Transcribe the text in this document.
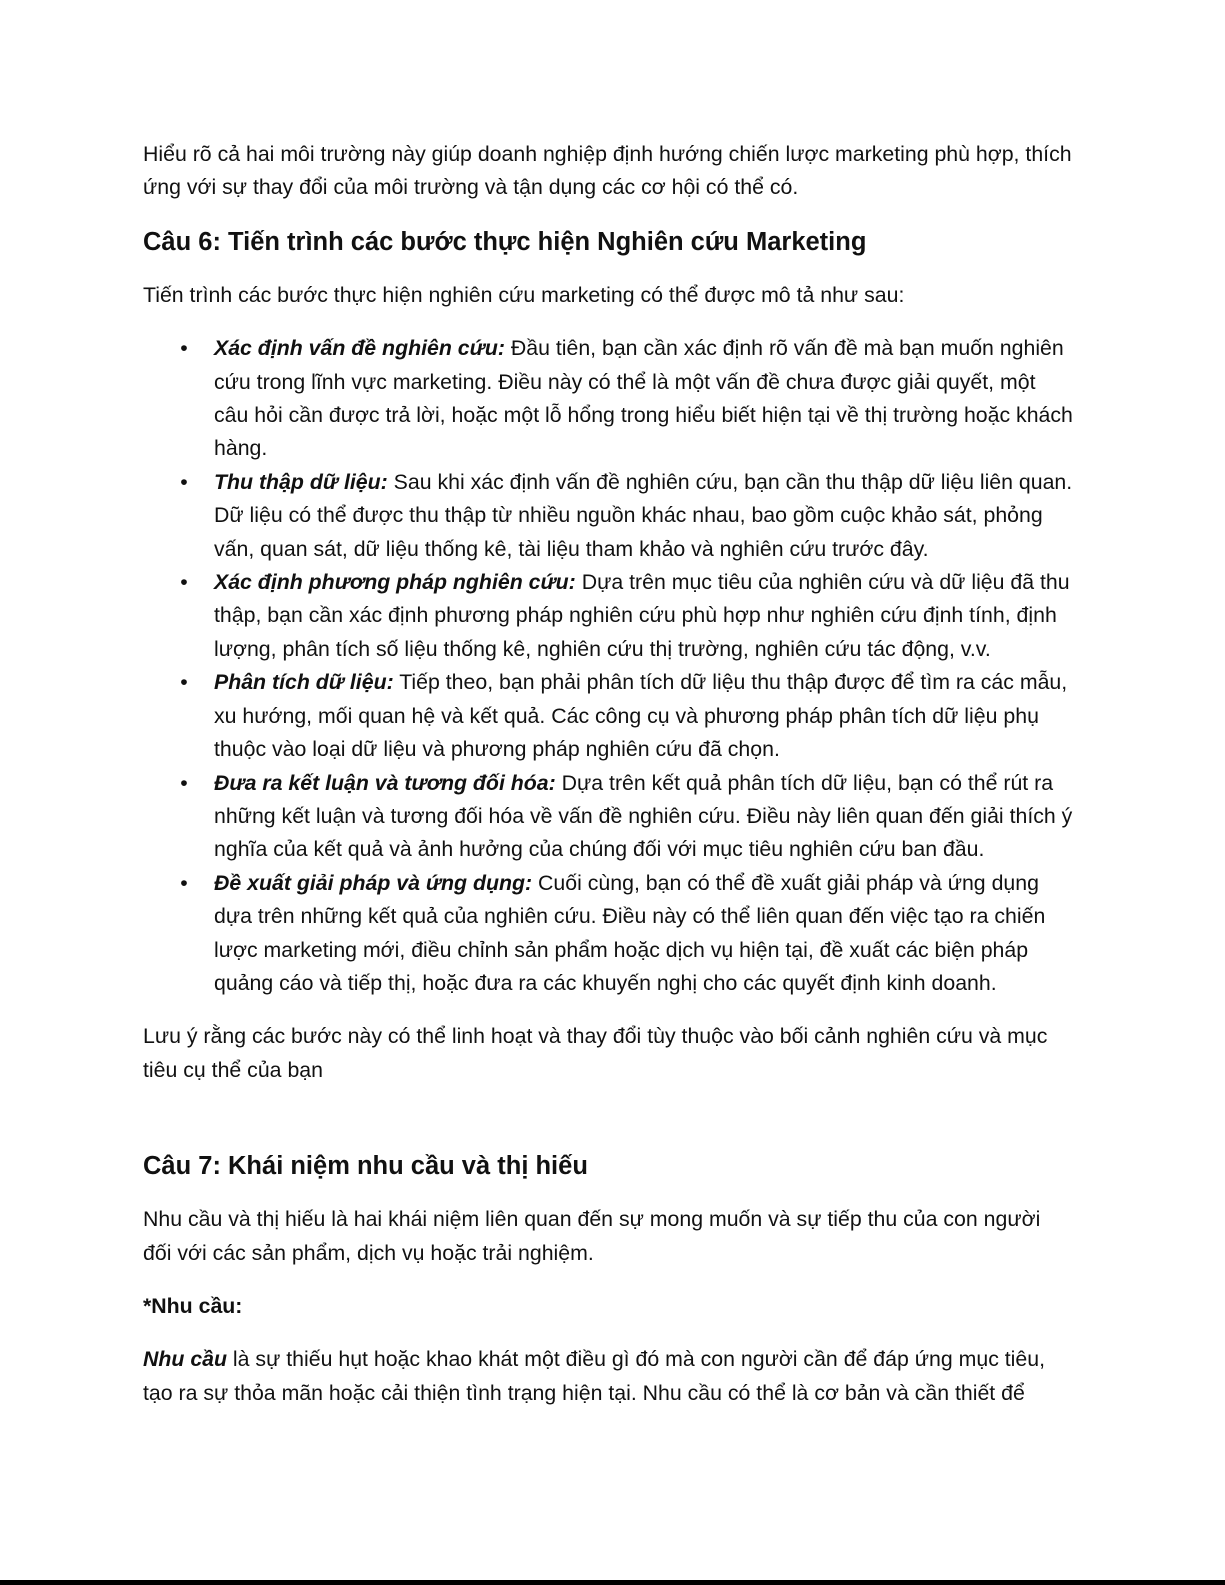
Hiểu rõ cả hai môi trường này giúp doanh nghiệp định hướng chiến lược marketing phù hợp, thích ứng với sự thay đổi của môi trường và tận dụng các cơ hội có thể có.

Câu 6: Tiến trình các bước thực hiện Nghiên cứu Marketing

Tiến trình các bước thực hiện nghiên cứu marketing có thể được mô tả như sau:

• Xác định vấn đề nghiên cứu: Đầu tiên, bạn cần xác định rõ vấn đề mà bạn muốn nghiên cứu trong lĩnh vực marketing. Điều này có thể là một vấn đề chưa được giải quyết, một câu hỏi cần được trả lời, hoặc một lỗ hổng trong hiểu biết hiện tại về thị trường hoặc khách hàng.
• Thu thập dữ liệu: Sau khi xác định vấn đề nghiên cứu, bạn cần thu thập dữ liệu liên quan. Dữ liệu có thể được thu thập từ nhiều nguồn khác nhau, bao gồm cuộc khảo sát, phỏng vấn, quan sát, dữ liệu thống kê, tài liệu tham khảo và nghiên cứu trước đây.
• Xác định phương pháp nghiên cứu: Dựa trên mục tiêu của nghiên cứu và dữ liệu đã thu thập, bạn cần xác định phương pháp nghiên cứu phù hợp như nghiên cứu định tính, định lượng, phân tích số liệu thống kê, nghiên cứu thị trường, nghiên cứu tác động, v.v.
• Phân tích dữ liệu: Tiếp theo, bạn phải phân tích dữ liệu thu thập được để tìm ra các mẫu, xu hướng, mối quan hệ và kết quả. Các công cụ và phương pháp phân tích dữ liệu phụ thuộc vào loại dữ liệu và phương pháp nghiên cứu đã chọn.
• Đưa ra kết luận và tương đối hóa: Dựa trên kết quả phân tích dữ liệu, bạn có thể rút ra những kết luận và tương đối hóa về vấn đề nghiên cứu. Điều này liên quan đến giải thích ý nghĩa của kết quả và ảnh hưởng của chúng đối với mục tiêu nghiên cứu ban đầu.
• Đề xuất giải pháp và ứng dụng: Cuối cùng, bạn có thể đề xuất giải pháp và ứng dụng dựa trên những kết quả của nghiên cứu. Điều này có thể liên quan đến việc tạo ra chiến lược marketing mới, điều chỉnh sản phẩm hoặc dịch vụ hiện tại, đề xuất các biện pháp quảng cáo và tiếp thị, hoặc đưa ra các khuyến nghị cho các quyết định kinh doanh.

Lưu ý rằng các bước này có thể linh hoạt và thay đổi tùy thuộc vào bối cảnh nghiên cứu và mục tiêu cụ thể của bạn

Câu 7: Khái niệm nhu cầu và thị hiếu

Nhu cầu và thị hiếu là hai khái niệm liên quan đến sự mong muốn và sự tiếp thu của con người đối với các sản phẩm, dịch vụ hoặc trải nghiệm.

*Nhu cầu:

Nhu cầu là sự thiếu hụt hoặc khao khát một điều gì đó mà con người cần để đáp ứng mục tiêu, tạo ra sự thỏa mãn hoặc cải thiện tình trạng hiện tại. Nhu cầu có thể là cơ bản và cần thiết để
